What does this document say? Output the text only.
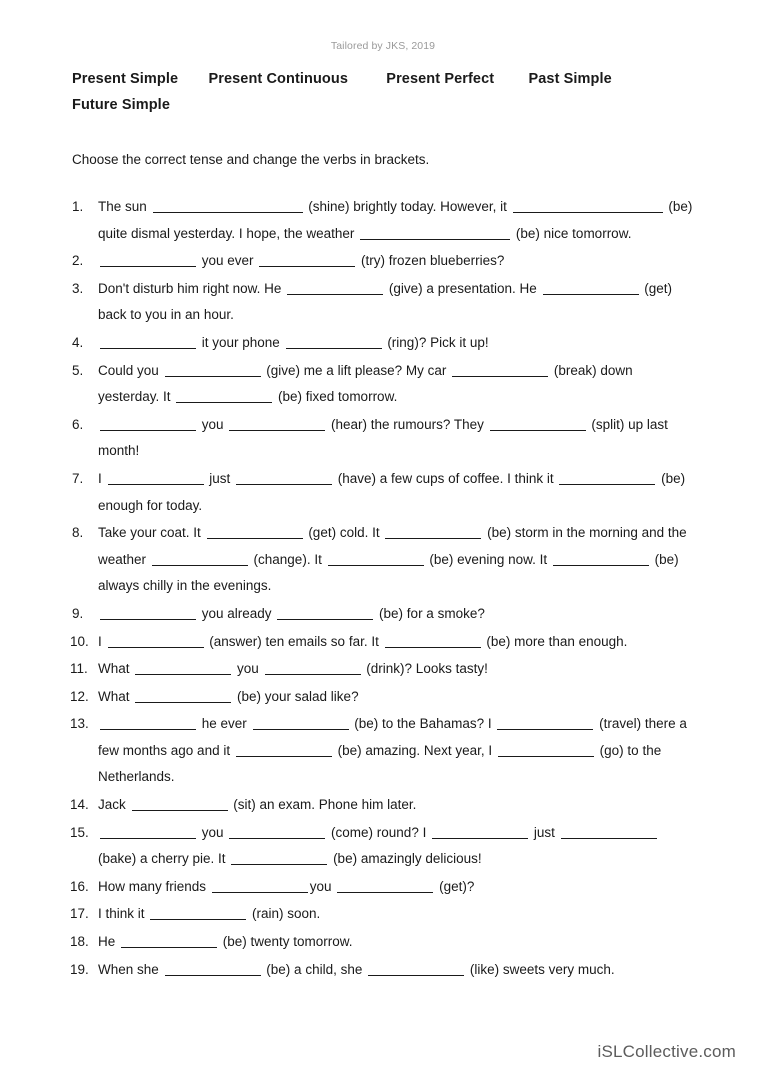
Tailored by JKS, 2019
Present Simple Present Continuous	Present Perfect Past Simple
Future Simple
Choose the correct tense and change the verbs in brackets.
1.	The sun	(shine) brightly today. However, it	(be) quite dismal yesterday. I hope, the weather	(be) nice tomorrow.
2.	you ever	(try) frozen blueberries?
3.	Don't disturb him right now. He	(give) a presentation. He	(get) back to you in an hour.
4.	it your phone	(ring)? Pick it up!
5.	Could you	(give) me a lift please? My car	(break) down yesterday. It	(be) fixed tomorrow.
6.	you	(hear) the rumours? They	(split) up last month!
7.	I	just	(have) a few cups of coffee. I think it	(be) enough for today.
8.	Take your coat. It	(get) cold. It	(be) storm in the morning and the weather	(change). It	(be) evening now. It	(be) always chilly in the evenings.
9.	you already	(be) for a smoke?
10. I	(answer) ten emails so far. It	(be) more than enough.
11. What	you	(drink)? Looks tasty!
12. What	(be) your salad like?
13.	he ever	(be) to the Bahamas? I	(travel) there a few months ago and it	(be) amazing. Next year, I	(go) to the Netherlands.
14. Jack	(sit) an exam. Phone him later.
15.	you	(come) round? I	just  (bake) a cherry pie. It	(be) amazingly delicious!
16. How many friends	you	(get)?
17. I think it	(rain) soon.
18. He	(be) twenty tomorrow.
19. When she	(be) a child, she	(like) sweets very much.
iSLCollective.com
